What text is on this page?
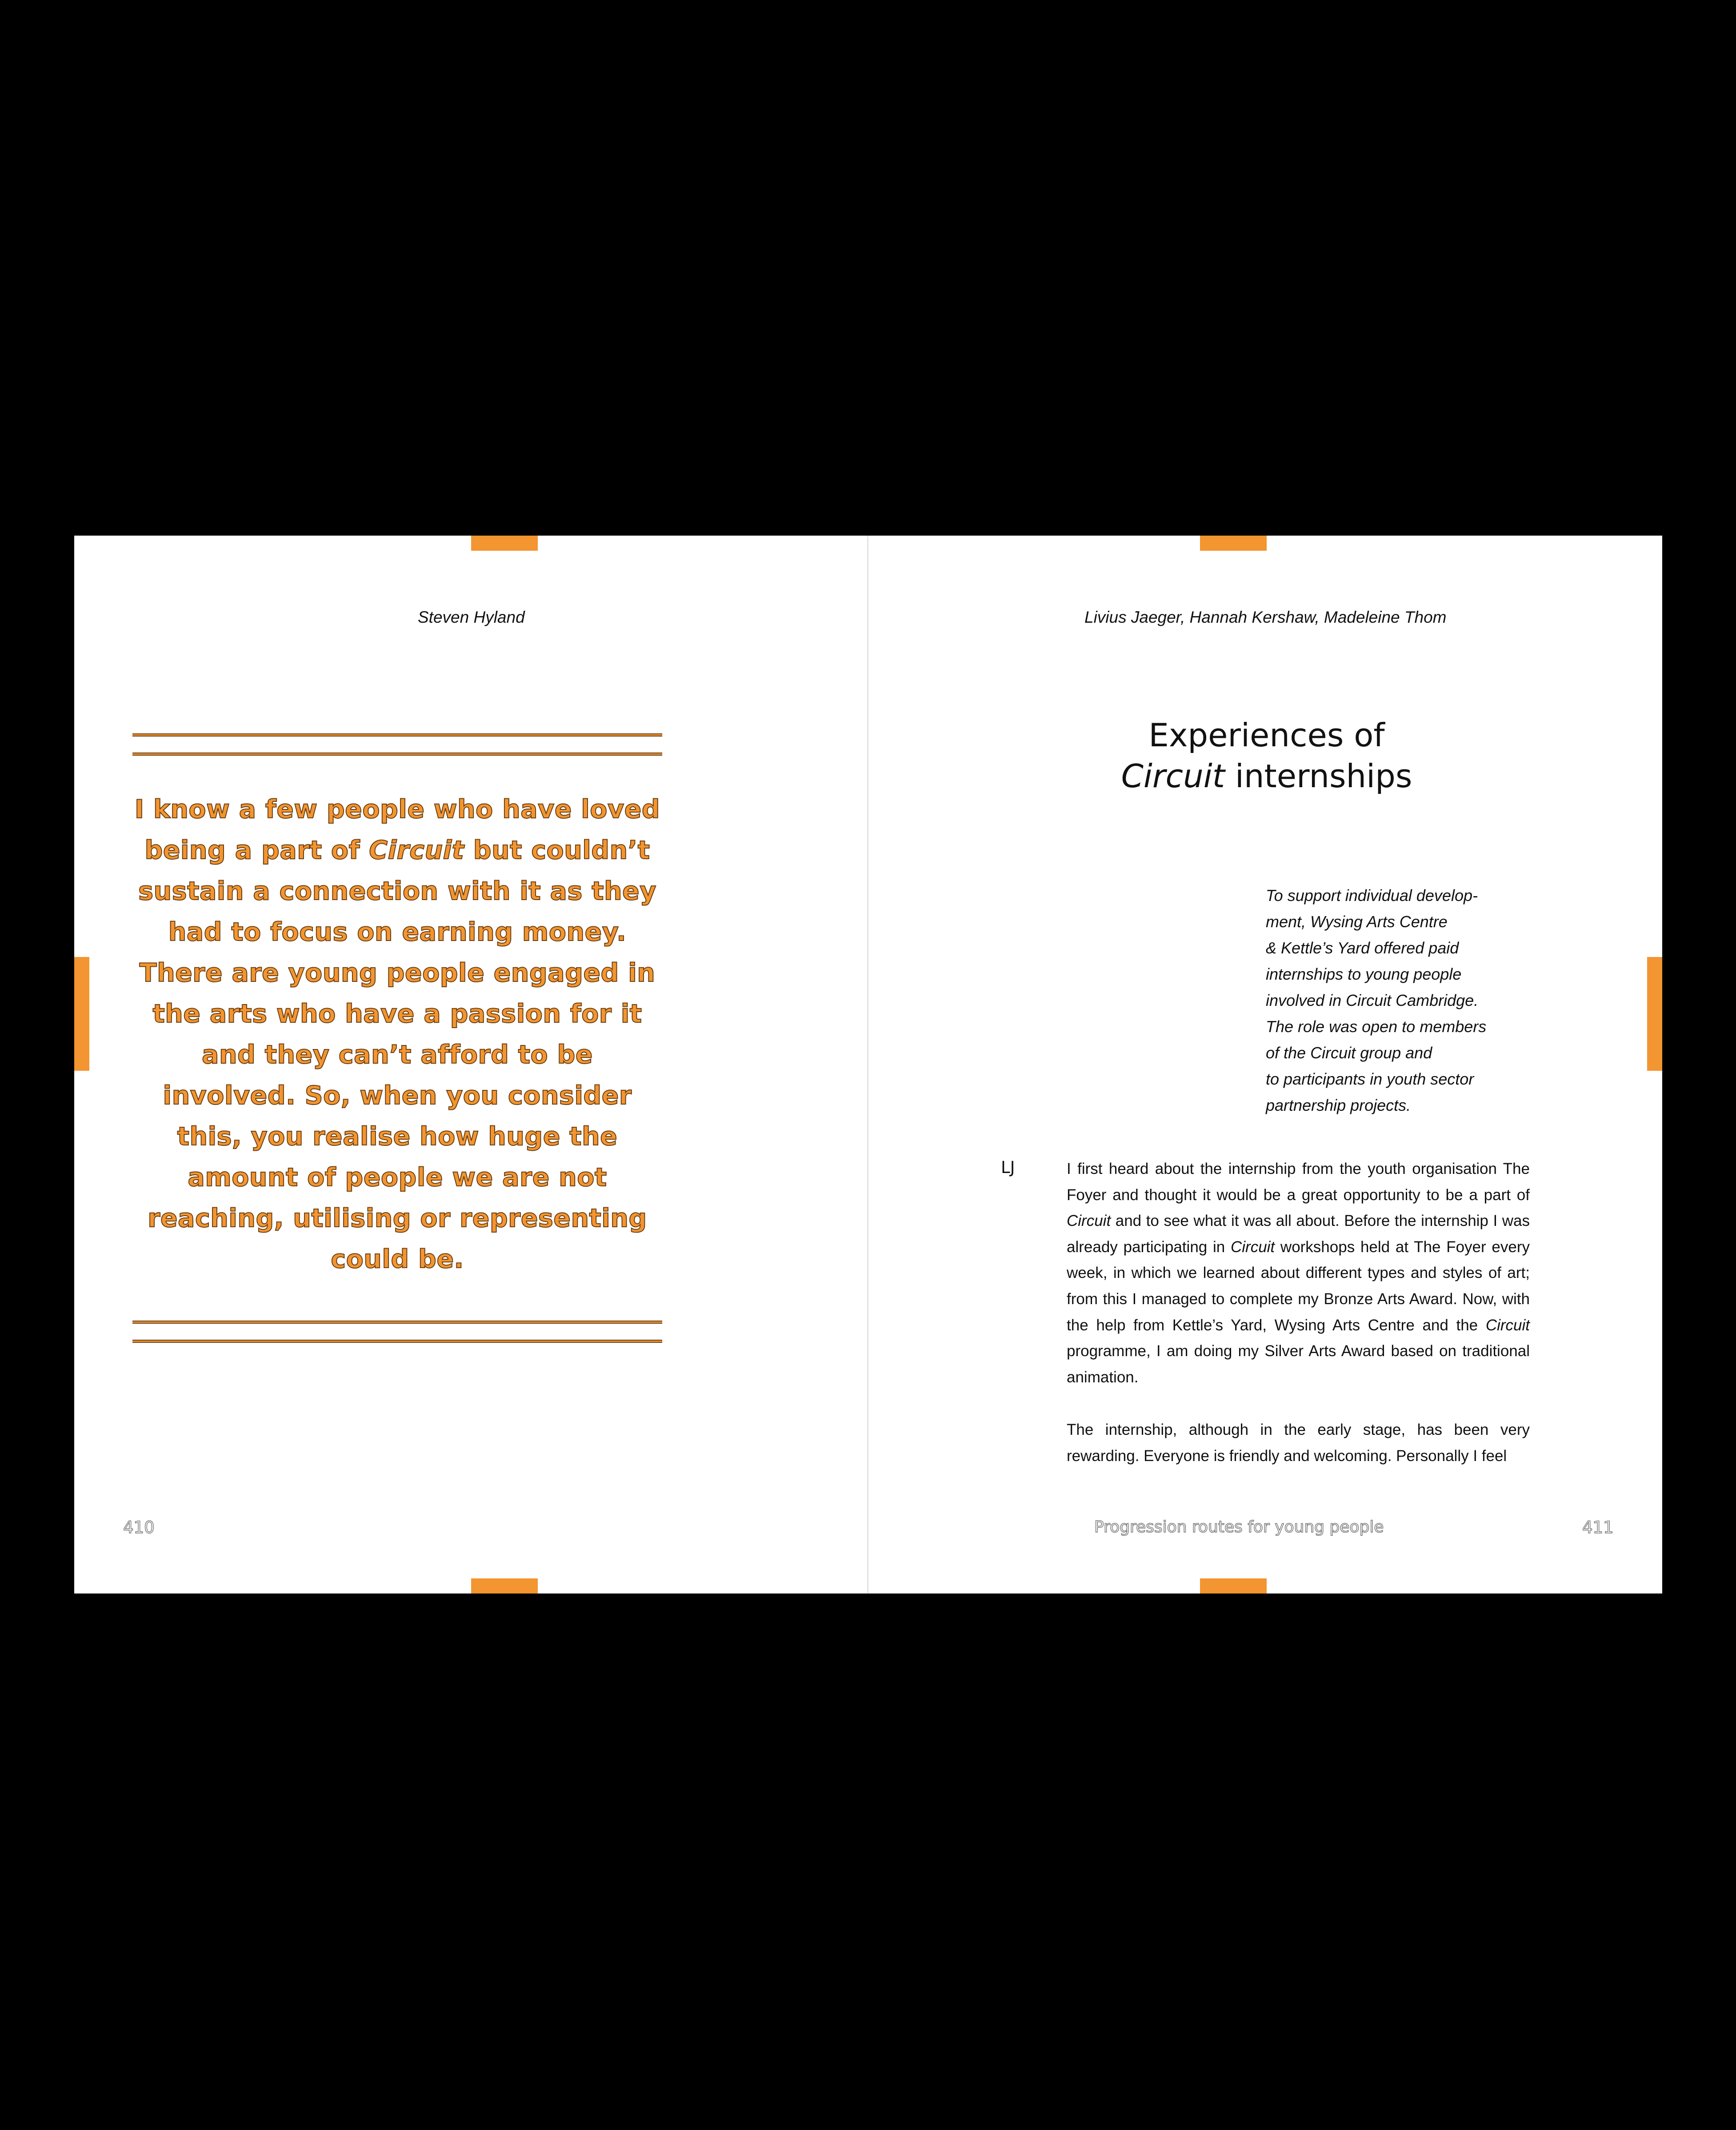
Steven Hyland

I know a few people who have loved being a part of Circuit but couldn’t sustain a connection with it as they had to focus on earning money. There are young people engaged in the arts who have a passion for it and they can’t afford to be involved. So, when you consider this, you realise how huge the amount of people we are not reaching, utilising or representing could be.

410
Livius Jaeger, Hannah Kershaw, Madeleine Thom
Experiences of
Circuit internships

To support individual develop-
ment, Wysing Arts Centre
& Kettle’s Yard offered paid
internships to young people
involved in Circuit Cambridge.
The role was open to members
of the Circuit group and
to participants in youth sector
partnership projects.

LJ	I first heard about the internship from the youth organisation The Foyer and thought it would be a great opportunity to be a part of Circuit and to see what it was all about. Before the internship I was already participating in Circuit workshops held at The Foyer every week, in which we learned about different types and styles of art; from this I managed to complete my Bronze Arts Award. Now, with the help from Kettle’s Yard, Wysing Arts Centre and the Circuit programme, I am doing my Silver Arts Award based on traditional animation.

The internship, although in the early stage, has been very rewarding. Everyone is friendly and welcoming. Personally I feel

Progression routes for young people	411
